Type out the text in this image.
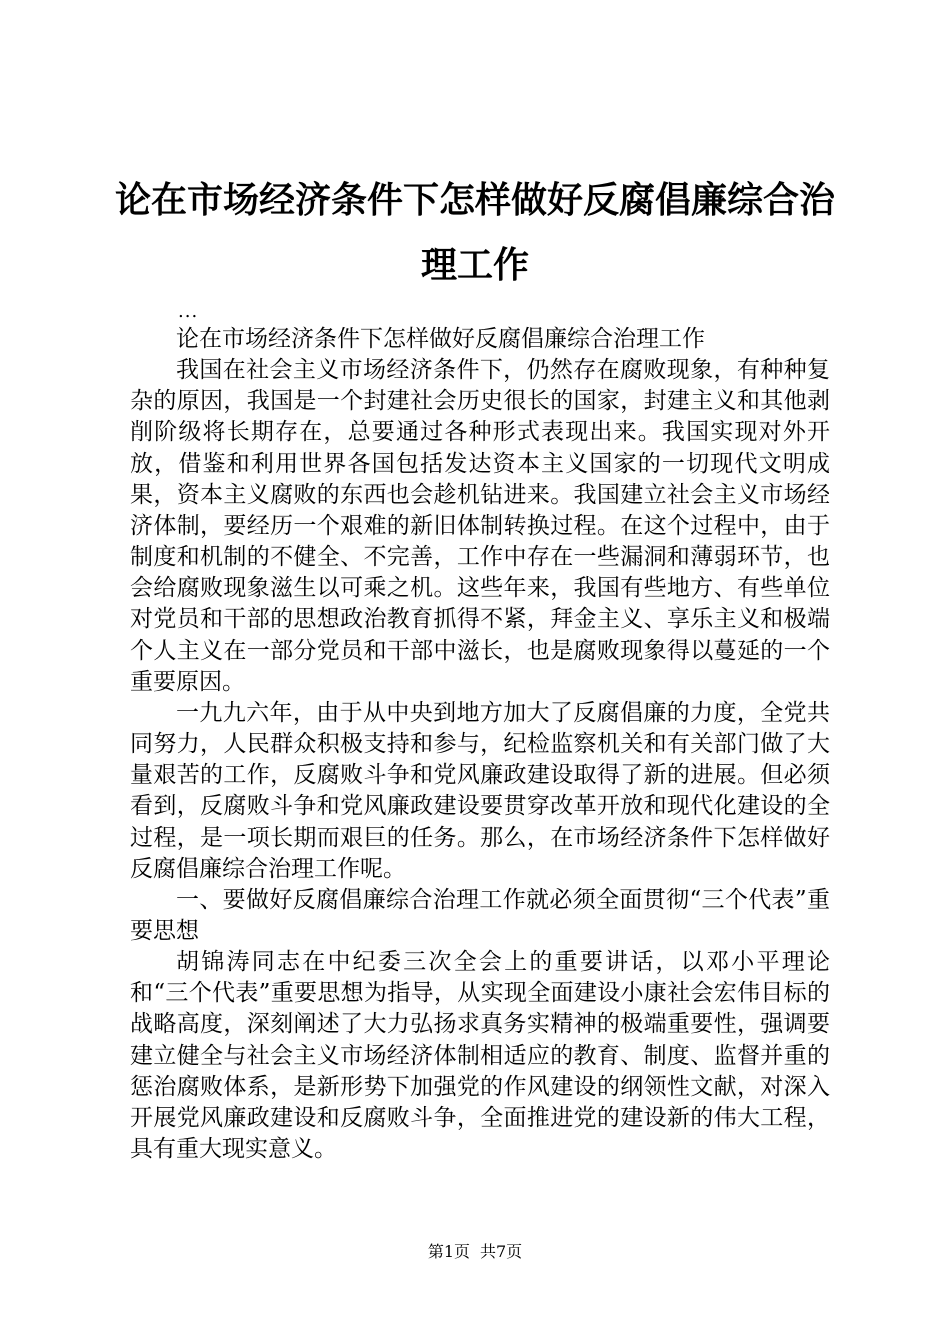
论在市场经济条件下怎样做好反腐倡廉综合治理工作
...

论在市场经济条件下怎样做好反腐倡廉综合治理工作

我国在社会主义市场经济条件下，仍然存在腐败现象，有种种复杂的原因，我国是一个封建社会历史很长的国家，封建主义和其他剥削阶级将长期存在，总要通过各种形式表现出来。我国实现对外开放，借鉴和利用世界各国包括发达资本主义国家的一切现代文明成果，资本主义腐败的东西也会趁机钻进来。我国建立社会主义市场经济体制，要经历一个艰难的新旧体制转换过程。在这个过程中，由于制度和机制的不健全、不完善，工作中存在一些漏洞和薄弱环节，也会给腐败现象滋生以可乘之机。这些年来，我国有些地方、有些单位对党员和干部的思想政治教育抓得不紧，拜金主义、享乐主义和极端个人主义在一部分党员和干部中滋长，也是腐败现象得以蔓延的一个重要原因。

一九九六年，由于从中央到地方加大了反腐倡廉的力度，全党共同努力，人民群众积极支持和参与，纪检监察机关和有关部门做了大量艰苦的工作，反腐败斗争和党风廉政建设取得了新的进展。但必须看到，反腐败斗争和党风廉政建设要贯穿改革开放和现代化建设的全过程，是一项长期而艰巨的任务。那么，在市场经济条件下怎样做好反腐倡廉综合治理工作呢。

一、要做好反腐倡廉综合治理工作就必须全面贯彻“三个代表”重要思想

胡锦涛同志在中纪委三次全会上的重要讲话，以邓小平理论和“三个代表”重要思想为指导，从实现全面建设小康社会宏伟目标的战略高度，深刻阐述了大力弘扬求真务实精神的极端重要性，强调要建立健全与社会主义市场经济体制相适应的教育、制度、监督并重的惩治腐败体系，是新形势下加强党的作风建设的纲领性文献，对深入开展党风廉政建设和反腐败斗争，全面推进党的建设新的伟大工程，具有重大现实意义。

第1页 共7页
